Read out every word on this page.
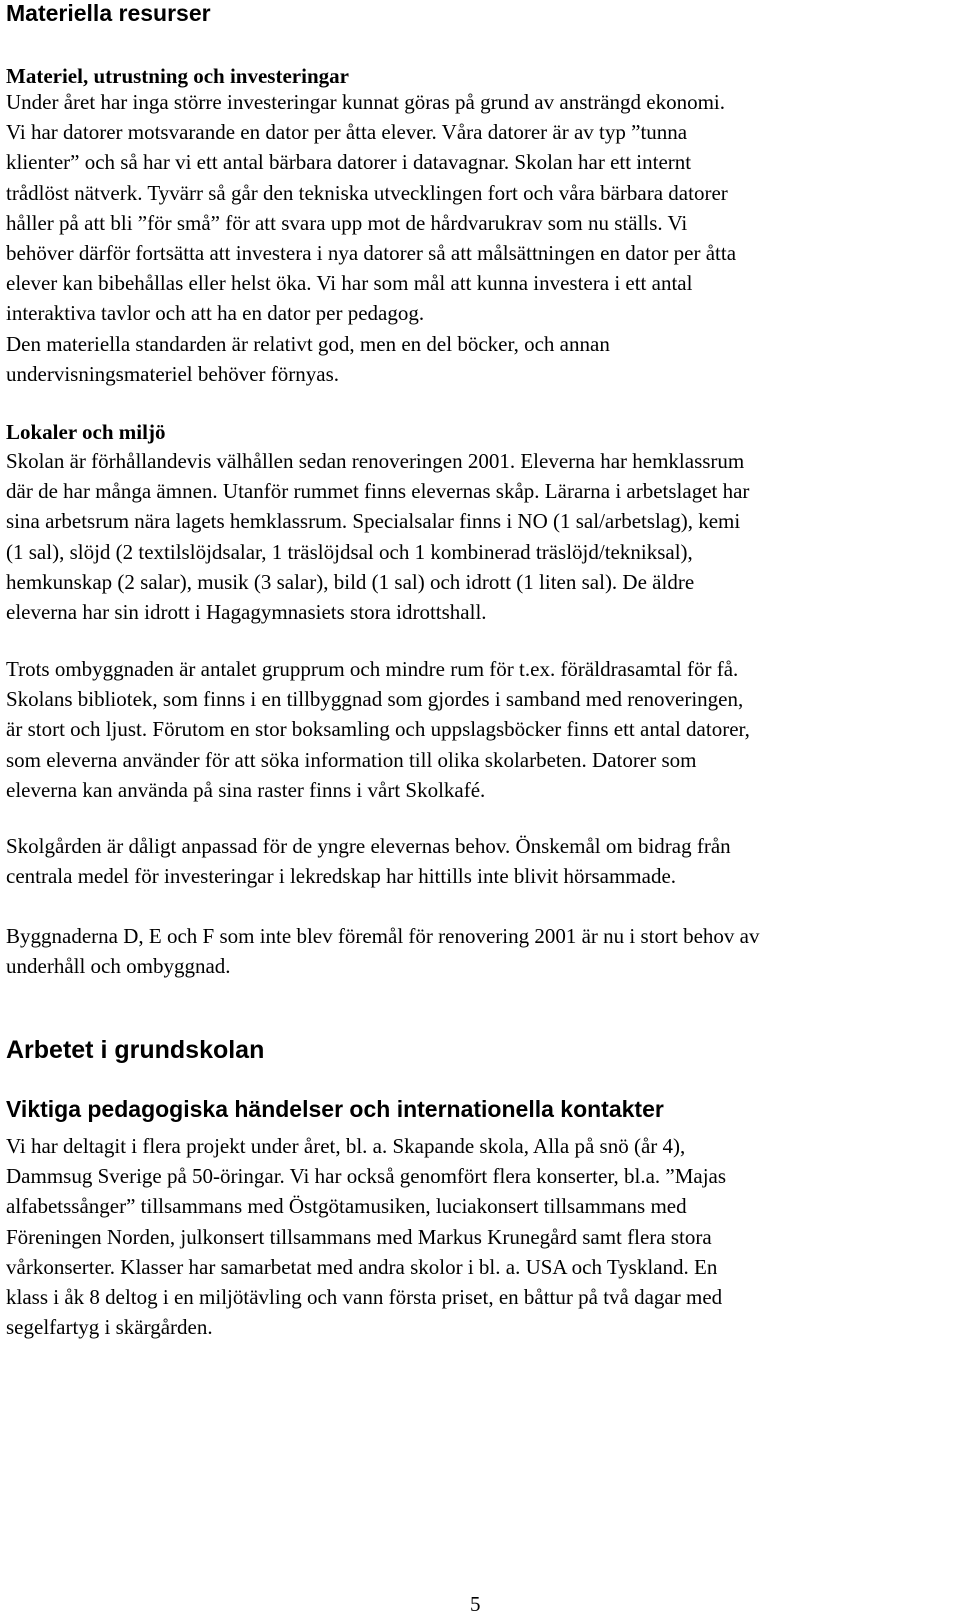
Materiella resurser
Materiel, utrustning och investeringar

Under året har inga större investeringar kunnat göras på grund av ansträngd ekonomi.
Vi har datorer motsvarande en dator per åtta elever. Våra datorer är av typ ”tunna
klienter” och så har vi ett antal bärbara datorer i datavagnar. Skolan har ett internt
trådlöst nätverk. Tyvärr så går den tekniska utvecklingen fort och våra bärbara datorer
håller på att bli ”för små” för att svara upp mot de hårdvarukrav som nu ställs. Vi
behöver därför fortsätta att investera i nya datorer så att målsättningen en dator per åtta
elever kan bibehållas eller helst öka. Vi har som mål att kunna investera i ett antal
interaktiva tavlor och att ha en dator per pedagog.
Den materiella standarden är relativt god, men en del böcker, och annan
undervisningsmateriel behöver förnyas.

Lokaler och miljö

Skolan är förhållandevis välhållen sedan renoveringen 2001. Eleverna har hemklassrum
där de har många ämnen. Utanför rummet finns elevernas skåp. Lärarna i arbetslaget har
sina arbetsrum nära lagets hemklassrum. Specialsalar finns i NO (1 sal/arbetslag), kemi
(1 sal), slöjd (2 textilslöjdsalar, 1 träslöjdsal och 1 kombinerad träslöjd/tekniksal),
hemkunskap (2 salar), musik (3 salar), bild (1 sal) och idrott (1 liten sal). De äldre
eleverna har sin idrott i Hagagymnasiets stora idrottshall.

Trots ombyggnaden är antalet grupprum och mindre rum för t.ex. föräldrasamtal för få.
Skolans bibliotek, som finns i en tillbyggnad som gjordes i samband med renoveringen,
är stort och ljust. Förutom en stor boksamling och uppslagsböcker finns ett antal datorer,
som eleverna använder för att söka information till olika skolarbeten. Datorer som
eleverna kan använda på sina raster finns i vårt Skolkafé.

Skolgården är dåligt anpassad för de yngre elevernas behov. Önskemål om bidrag från
centrala medel för investeringar i lekredskap har hittills inte blivit hörsammade.

Byggnaderna D, E och F som inte blev föremål för renovering 2001 är nu i stort behov av
underhåll och ombyggnad.

Arbetet i grundskolan
Viktiga pedagogiska händelser och internationella kontakter

Vi har deltagit i flera projekt under året, bl. a. Skapande skola, Alla på snö (år 4),
Dammsug Sverige på 50-öringar. Vi har också genomfört flera konserter, bl.a. ”Majas
alfabetssånger” tillsammans med Östgötamusiken, luciakonsert tillsammans med
Föreningen Norden, julkonsert tillsammans med Markus Krunegård samt flera stora
vårkonserter. Klasser har samarbetat med andra skolor i bl. a. USA och Tyskland. En
klass i åk 8 deltog i en miljötävling och vann första priset, en båttur på två dagar med
segelfartyg i skärgården.

5
